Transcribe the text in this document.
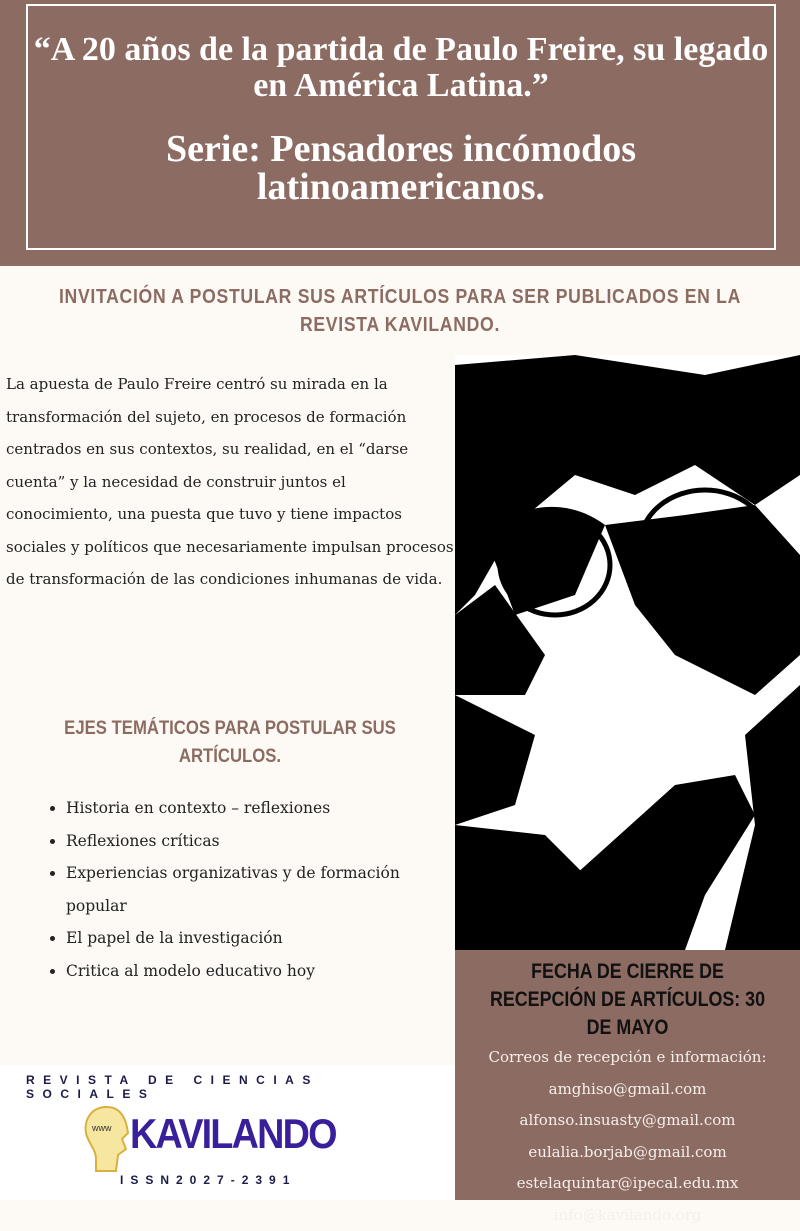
“A 20 años de la partida de Paulo Freire, su legado en América Latina.”
Serie: Pensadores incómodos latinoamericanos.
INVITACIÓN A POSTULAR SUS ARTÍCULOS PARA SER PUBLICADOS EN LA REVISTA KAVILANDO.

La apuesta de Paulo Freire centró su mirada en la transformación del sujeto, en procesos de formación centrados en sus contextos, su realidad, en el “darse cuenta” y la necesidad de construir juntos el conocimiento, una puesta que tuvo y tiene impactos sociales y políticos que necesariamente impulsan procesos de transformación de las condiciones inhumanas de vida.

EJES TEMÁTICOS PARA POSTULAR SUS ARTÍCULOS.
• Historia en contexto – reflexiones
• Reflexiones críticas
• Experiencias organizativas y de formación popular
• El papel de la investigación
• Critica al modelo educativo hoy	FECHA DE CIERRE DE RECEPCIÓN DE ARTÍCULOS: 30 DE MAYO
Correos de recepción e información:
amghiso@gmail.com
alfonso.insuasty@gmail.com
eulalia.borjab@gmail.com
estelaquintar@ipecal.edu.mx
info@kavilando.org
REVISTA DE CIENCIAS SOCIALES
www KAVILANDO
ISSN2027-2391
